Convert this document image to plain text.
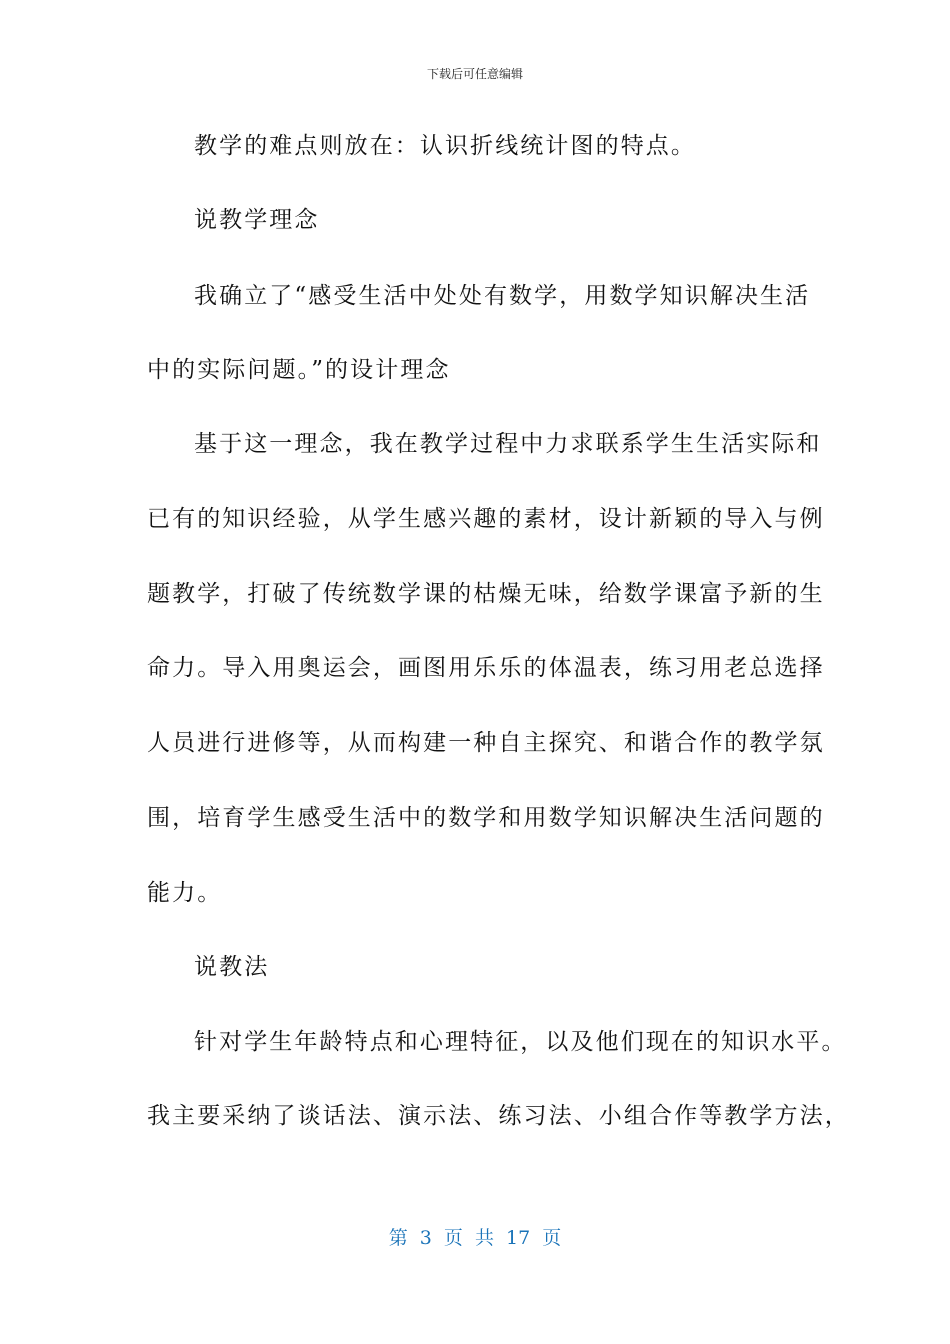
下载后可任意编辑
教学的难点则放在：认识折线统计图的特点。
说教学理念
我确立了“感受生活中处处有数学，用数学知识解决生活
中的实际问题。”的设计理念
基于这一理念，我在教学过程中力求联系学生生活实际和
已有的知识经验，从学生感兴趣的素材，设计新颖的导入与例
题教学，打破了传统数学课的枯燥无味，给数学课富予新的生
命力。导入用奥运会，画图用乐乐的体温表，练习用老总选择
人员进行进修等，从而构建一种自主探究、和谐合作的教学氛
围，培育学生感受生活中的数学和用数学知识解决生活问题的
能力。
说教法
针对学生年龄特点和心理特征，以及他们现在的知识水平。
我主要采纳了谈话法、演示法、练习法、小组合作等教学方法，
第 3 页 共 17 页
